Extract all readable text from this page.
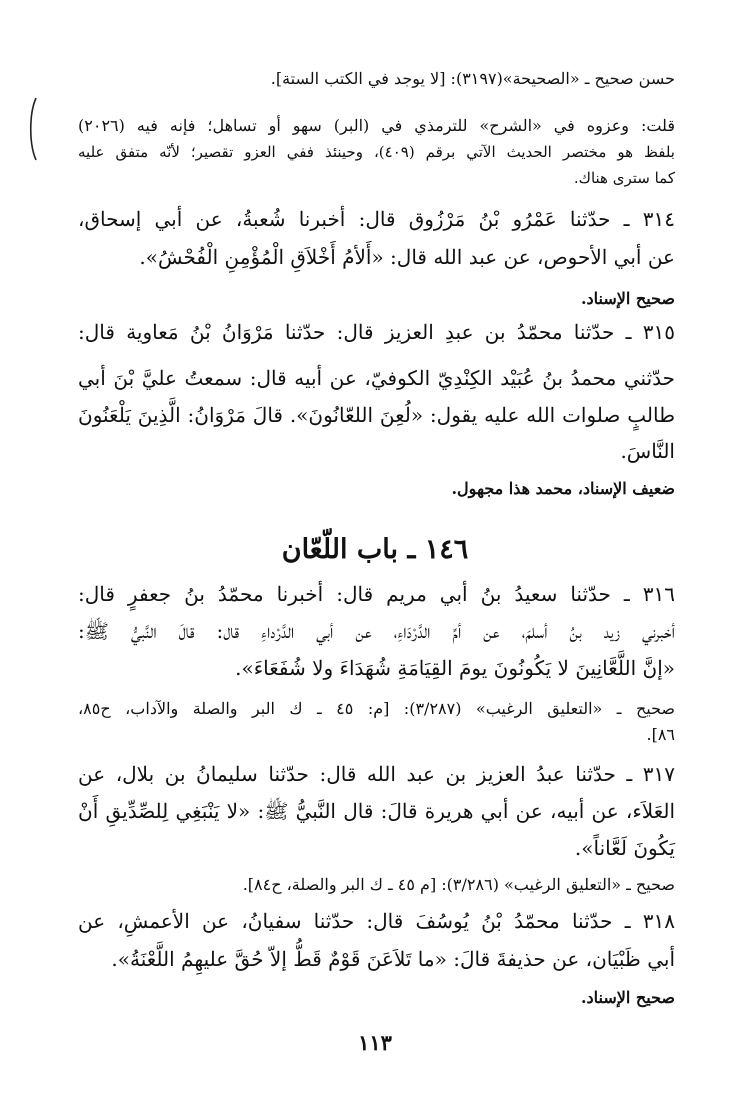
حسن صحيح ـ «الصحيحة»(٣١٩٧): [لا يوجد في الكتب الستة].
قلت: وعزوه في «الشرح» للترمذي في (البر) سهو أو تساهل؛ فإنه فيه (٢٠٢٦)
بلفظ هو مختصر الحديث الآتي برقم (٤٠٩)، وحينئذ ففي العزو تقصير؛ لأنّه متفق عليه
كما سترى هناك.
٣١٤ ـ حدّثنا عَمْرُو بْنُ مَرْزُوق قال: أخبرنا شُعبةُ، عن أبي إسحاق،
عن أبي الأحوص، عن عبد الله قال: «أَلأمُ أَخْلاَقِ الْمُؤْمِنِ الْفُحْشُ».
صحيح الإسناد.
٣١٥ ـ حدّثنا محمّدُ بن عبدِ العزيز قال: حدّثنا مَرْوَانُ بْنُ مَعاوية قال:
حدّثني محمدُ بنُ عُبَيْد الكِنْدِيّ الكوفيّ، عن أبيه قال: سمعتُ عليَّ بْنَ أبي
طالبٍ صلوات الله عليه يقول: «لُعِنَ اللعّانُونَ». قالَ مَرْوَانُ: الَّذِينَ يَلْعَنُونَ
النَّاسَ.
ضعيف الإسناد، محمد هذا مجهول.
١٤٦ ـ باب اللّعّان
٣١٦ ـ حدّثنا سعيدُ بنُ أبي مريم قال: أخبرنا محمّدُ بنُ جعفرٍ قال:
أخبرني زيد بنُ أسلمَ، عن أمِّ الدَّرْدَاءِ، عن أبي الدَّرْداءِ قال: قالَ النَّبيُّ ﷺ:
«إنَّ اللَّعَّانِينَ لا يَكُونُونَ يومَ القِيَامَةِ شُهَدَاءَ ولا شُفَعَاءَ».
صحيح ـ «التعليق الرغيب» (٣/٢٨٧): [م: ٤٥ ـ ك البر والصلة والآداب، ح٨٥،
٨٦].
٣١٧ ـ حدّثنا عبدُ العزيز بن عبد الله قال: حدّثنا سليمانُ بن بلال، عن
العَلاَء، عن أبيه، عن أبي هريرة قالَ: قال النَّبيُّ ﷺ: «لا يَنْبَغِي لِلصِّدِّيقِ أَنْ
يَكُونَ لَعَّاناً».
صحيح ـ «التعليق الرغيب» (٣/٢٨٦): [م ٤٥ ـ ك البر والصلة، ح٨٤].
٣١٨ ـ حدّثنا محمّدُ بْنُ يُوسُفَ قال: حدّثنا سفيانُ، عن الأعمشِ، عن
أبي ظَبْيَان، عن حذيفةَ قالَ: «ما تَلاَعَنَ قَوْمٌ قَطُّ إلاّ حُقَّ عليهِمُ اللَّعْنَةُ».
صحيح الإسناد.
١١٣
